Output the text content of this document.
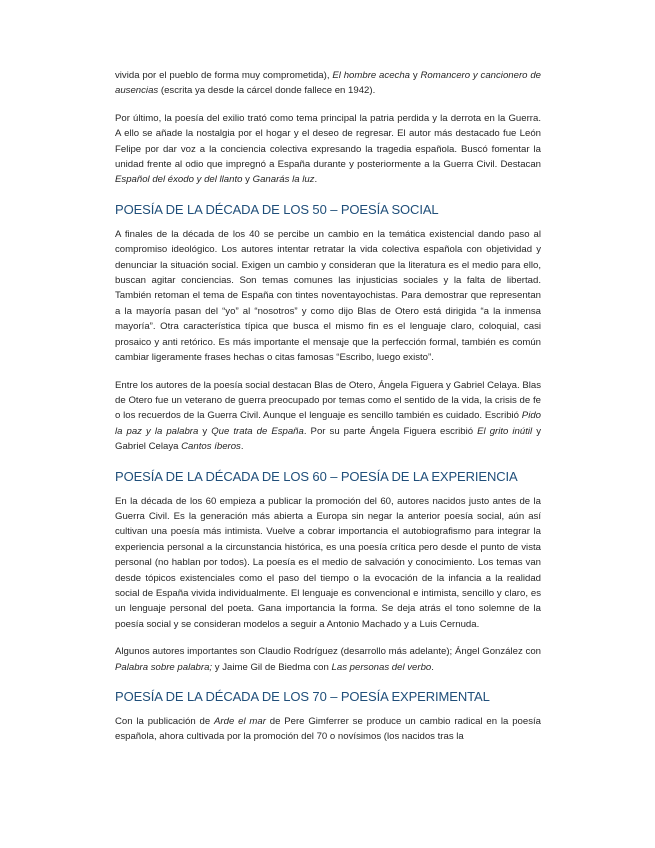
vivida por el pueblo de forma muy comprometida), El hombre acecha y Romancero y cancionero de ausencias (escrita ya desde la cárcel donde fallece en 1942).

Por último, la poesía del exilio trató como tema principal la patria perdida y la derrota en la Guerra. A ello se añade la nostalgia por el hogar y el deseo de regresar. El autor más destacado fue León Felipe por dar voz a la conciencia colectiva expresando la tragedia española. Buscó fomentar la unidad frente al odio que impregnó a España durante y posteriormente a la Guerra Civil. Destacan Español del éxodo y del llanto y Ganarás la luz.

POESÍA DE LA DÉCADA DE LOS 50 – POESÍA SOCIAL

A finales de la década de los 40 se percibe un cambio en la temática existencial dando paso al compromiso ideológico. Los autores intentar retratar la vida colectiva española con objetividad y denunciar la situación social. Exigen un cambio y consideran que la literatura es el medio para ello, buscan agitar conciencias. Son temas comunes las injusticias sociales y la falta de libertad. También retoman el tema de España con tintes noventayochistas. Para demostrar que representan a la mayoría pasan del “yo” al “nosotros” y como dijo Blas de Otero está dirigida “a la inmensa mayoría”. Otra característica típica que busca el mismo fin es el lenguaje claro, coloquial, casi prosaico y anti retórico. Es más importante el mensaje que la perfección formal, también es común cambiar ligeramente frases hechas o citas famosas “Escribo, luego existo”.

Entre los autores de la poesía social destacan Blas de Otero, Ángela Figuera y Gabriel Celaya. Blas de Otero fue un veterano de guerra preocupado por temas como el sentido de la vida, la crisis de fe o los recuerdos de la Guerra Civil. Aunque el lenguaje es sencillo también es cuidado. Escribió Pido la paz y la palabra y Que trata de España. Por su parte Ángela Figuera escribió El grito inútil y Gabriel Celaya Cantos íberos.

POESÍA DE LA DÉCADA DE LOS 60 – POESÍA DE LA EXPERIENCIA

En la década de los 60 empieza a publicar la promoción del 60, autores nacidos justo antes de la Guerra Civil. Es la generación más abierta a Europa sin negar la anterior poesía social, aún así cultivan una poesía más intimista. Vuelve a cobrar importancia el autobiografismo para integrar la experiencia personal a la circunstancia histórica, es una poesía crítica pero desde el punto de vista personal (no hablan por todos). La poesía es el medio de salvación y conocimiento. Los temas van desde tópicos existenciales como el paso del tiempo o la evocación de la infancia a la realidad social de España vivida individualmente. El lenguaje es convencional e intimista, sencillo y claro, es un lenguaje personal del poeta. Gana importancia la forma. Se deja atrás el tono solemne de la poesía social y se consideran modelos a seguir a Antonio Machado y a Luis Cernuda.

Algunos autores importantes son Claudio Rodríguez (desarrollo más adelante); Ángel González con Palabra sobre palabra; y Jaime Gil de Biedma con Las personas del verbo.

POESÍA DE LA DÉCADA DE LOS 70 – POESÍA EXPERIMENTAL

Con la publicación de Arde el mar de Pere Gimferrer se produce un cambio radical en la poesía española, ahora cultivada por la promoción del 70 o novísimos (los nacidos tras la
